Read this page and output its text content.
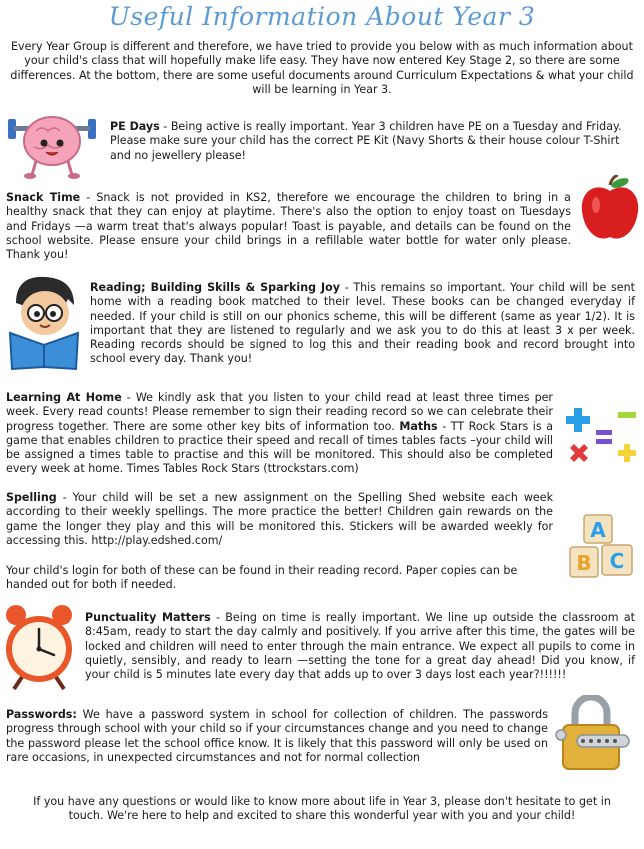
Useful Information About Year 3
Every Year Group is different and therefore, we have tried to provide you below with as much information about your child's class that will hopefully make life easy. They have now entered Key Stage 2, so there are some differences. At the bottom, there are some useful documents around Curriculum Expectations & what your child will be learning in Year 3.
PE Days - Being active is really important. Year 3 children have PE on a Tuesday and Friday. Please make sure your child has the correct PE Kit (Navy Shorts & their house colour T-Shirt and no jewellery please!
Snack Time - Snack is not provided in KS2, therefore we encourage the children to bring in a healthy snack that they can enjoy at playtime. There's also the option to enjoy toast on Tuesdays and Fridays —a warm treat that's always popular! Toast is payable, and details can be found on the school website. Please ensure your child brings in a refillable water bottle for water only please. Thank you!
Reading; Building Skills & Sparking Joy - This remains so important. Your child will be sent home with a reading book matched to their level. These books can be changed everyday if needed. If your child is still on our phonics scheme, this will be different (same as year 1/2). It is important that they are listened to regularly and we ask you to do this at least 3 x per week. Reading records should be signed to log this and their reading book and record brought into school every day. Thank you!
Learning At Home - We kindly ask that you listen to your child read at least three times per week. Every read counts! Please remember to sign their reading record so we can celebrate their progress together. There are some other key bits of information too. Maths - TT Rock Stars is a game that enables children to practice their speed and recall of times tables facts –your child will be assigned a times table to practise and this will be monitored. This should also be completed every week at home. Times Tables Rock Stars (ttrockstars.com)
Spelling - Your child will be set a new assignment on the Spelling Shed website each week according to their weekly spellings. The more practice the better! Children gain rewards on the game the longer they play and this will be monitored this. Stickers will be awarded weekly for accessing this. http://play.edshed.com/	A
B C
Your child's login for both of these can be found in their reading record. Paper copies can be handed out for both if needed.
Punctuality Matters - Being on time is really important. We line up outside the classroom at 8:45am, ready to start the day calmly and positively. If you arrive after this time, the gates will be locked and children will need to enter through the main entrance. We expect all pupils to come in quietly, sensibly, and ready to learn —setting the tone for a great day ahead! Did you know, if your child is 5 minutes late every day that adds up to over 3 days lost each year?!!!!!!
Passwords: We have a password system in school for collection of children. The passwords progress through school with your child so if your circumstances change and you need to change the password please let the school office know. It is likely that this password will only be used on rare occasions, in unexpected circumstances and not for normal collection
If you have any questions or would like to know more about life in Year 3, please don't hesitate to get in touch. We're here to help and excited to share this wonderful year with you and your child!
